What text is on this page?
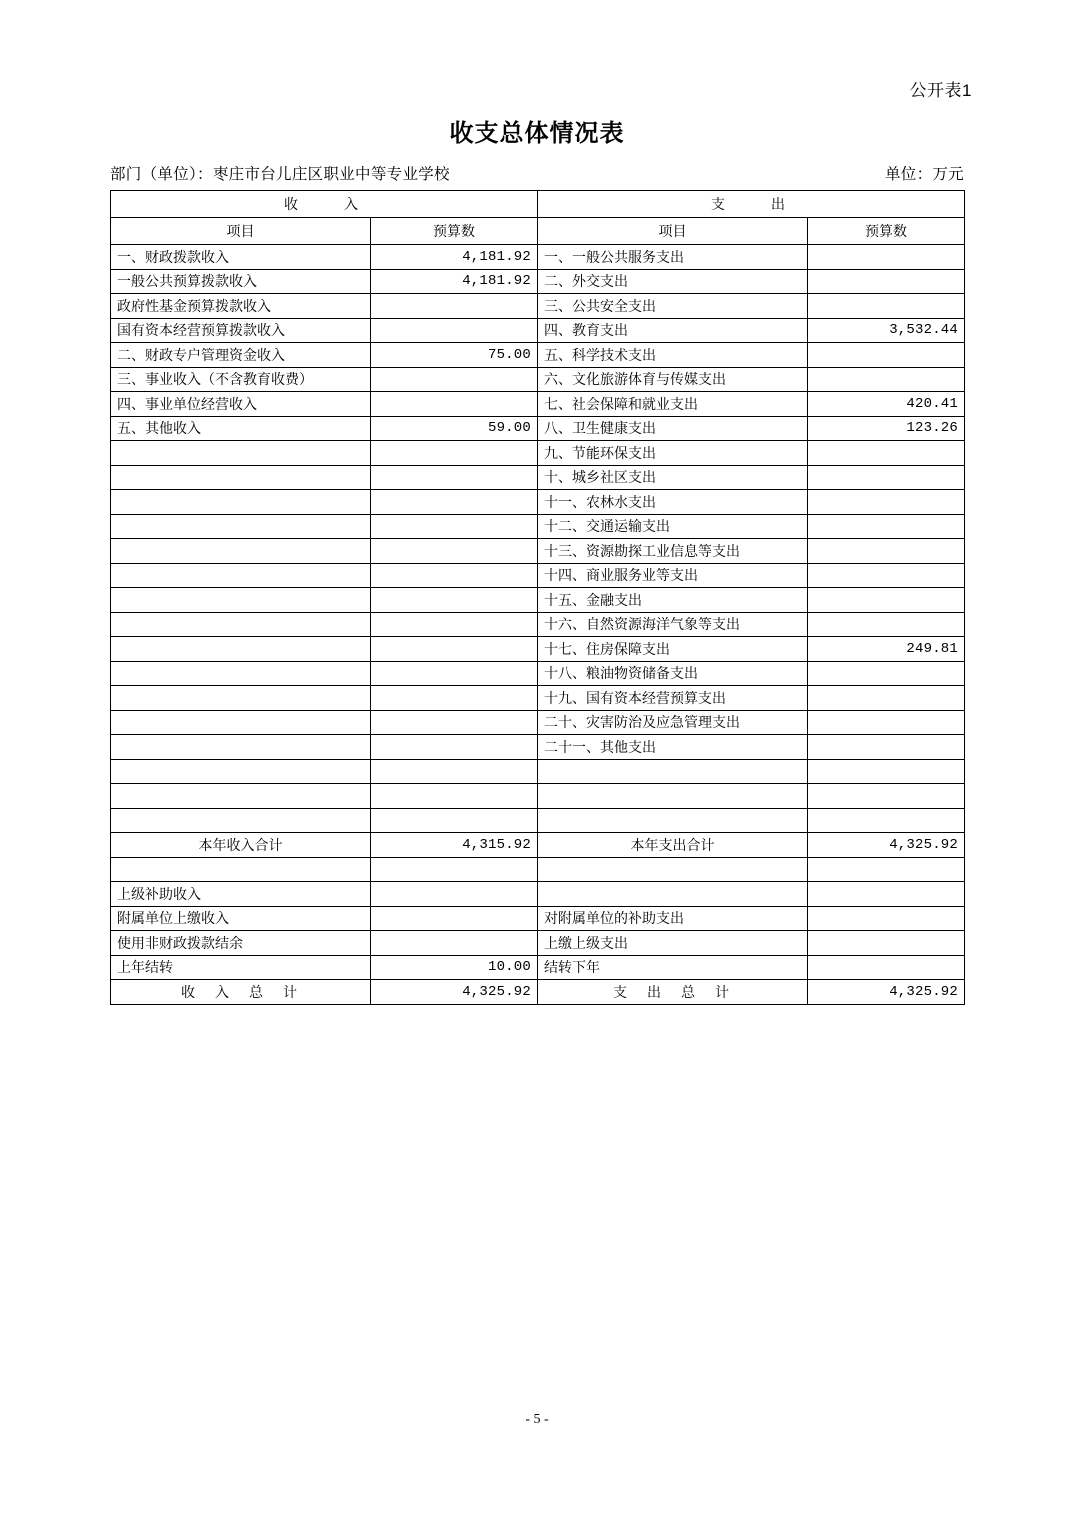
公开表1
收支总体情况表
部门（单位）：枣庄市台儿庄区职业中等专业学校	单位：万元
收　　入		支　　出	
项目	预算数	项目	预算数
一、财政拨款收入	4,181.92	一、一般公共服务支出	
一般公共预算拨款收入	4,181.92	二、外交支出	
政府性基金预算拨款收入		三、公共安全支出	
国有资本经营预算拨款收入		四、教育支出	3,532.44
二、财政专户管理资金收入	75.00	五、科学技术支出	
三、事业收入（不含教育收费）		六、文化旅游体育与传媒支出	
四、事业单位经营收入		七、社会保障和就业支出	420.41
五、其他收入	59.00	八、卫生健康支出	123.26
		九、节能环保支出	
		十、城乡社区支出	
		十一、农林水支出	
		十二、交通运输支出	
		十三、资源勘探工业信息等支出	
		十四、商业服务业等支出	
		十五、金融支出	
		十六、自然资源海洋气象等支出	
		十七、住房保障支出	249.81
		十八、粮油物资储备支出	
		十九、国有资本经营预算支出	
		二十、灾害防治及应急管理支出	
		二十一、其他支出	

本年收入合计	4,315.92	本年支出合计	4,325.92

上级补助收入			
附属单位上缴收入		对附属单位的补助支出	
使用非财政拨款结余		上缴上级支出	
上年结转	10.00	结转下年	
收　入　总　计	4,325.92	支　出　总　计	4,325.92
- 5 -
